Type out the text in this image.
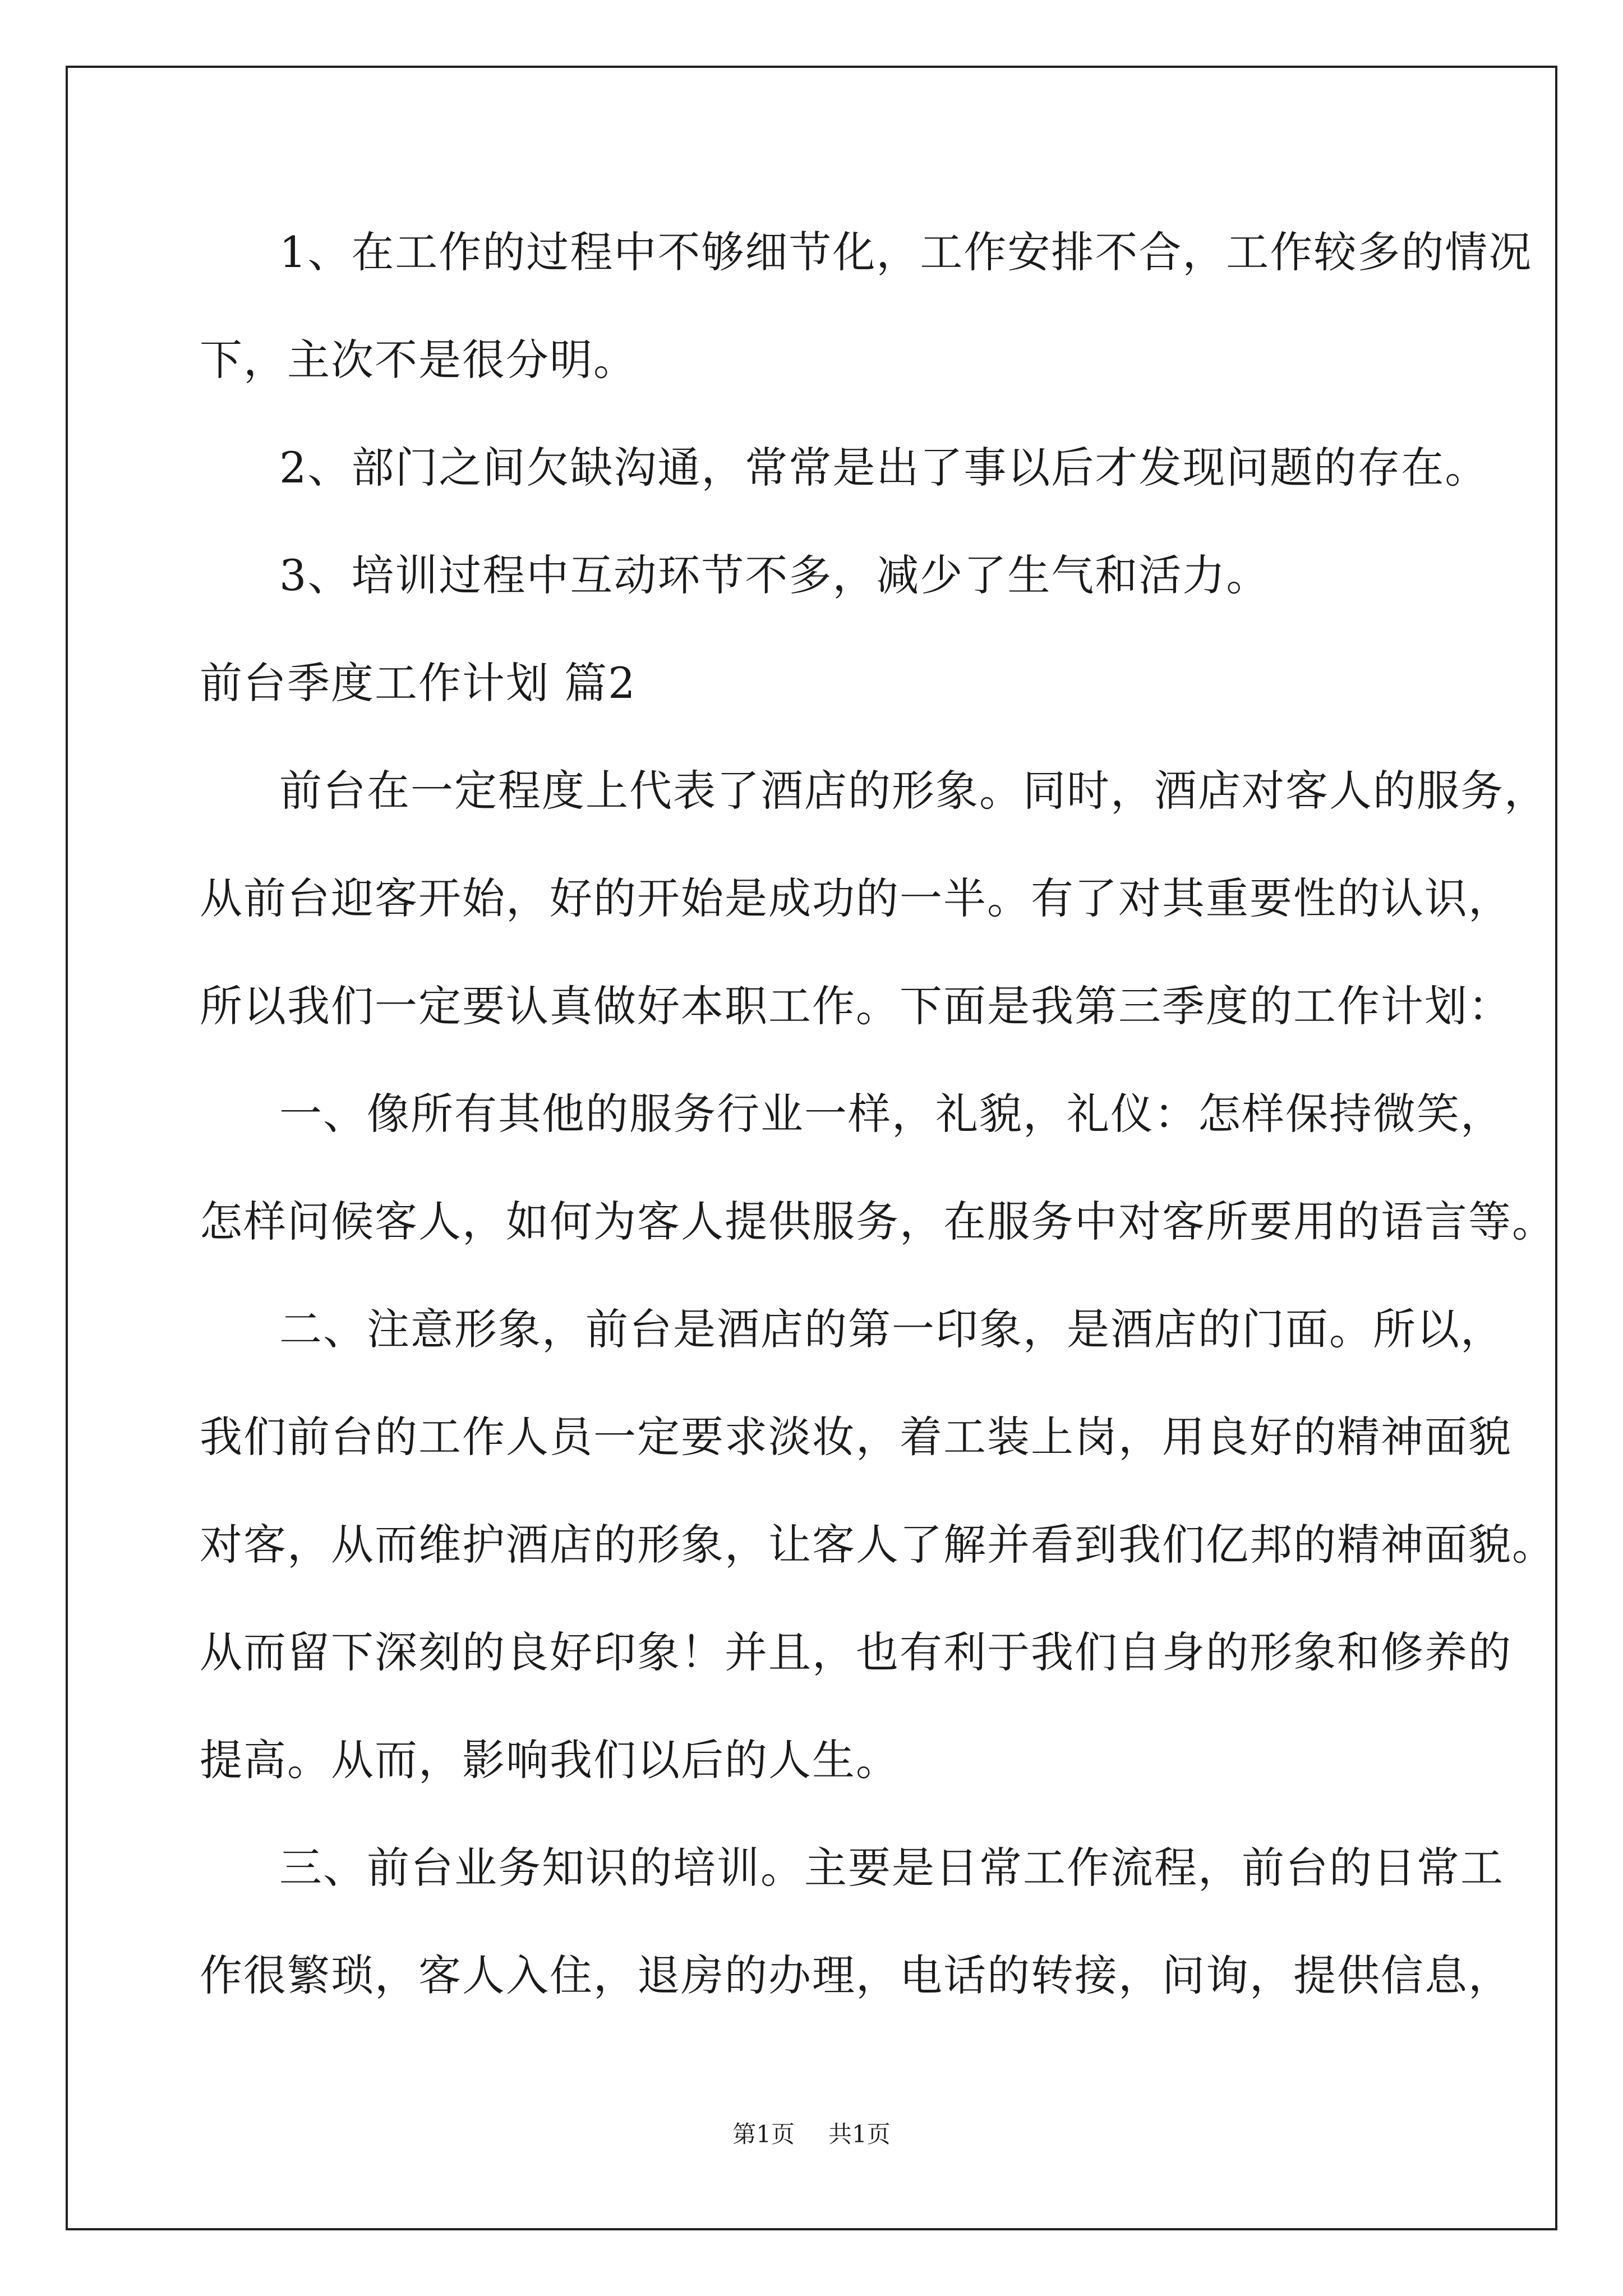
1、在工作的过程中不够细节化，工作安排不合，工作较多的情况
下，主次不是很分明。
2、部门之间欠缺沟通，常常是出了事以后才发现问题的存在。
3、培训过程中互动环节不多，减少了生气和活力。
前台季度工作计划 篇2
前台在一定程度上代表了酒店的形象。同时，酒店对客人的服务，
从前台迎客开始，好的开始是成功的一半。有了对其重要性的认识，
所以我们一定要认真做好本职工作。下面是我第三季度的工作计划：
一、像所有其他的服务行业一样，礼貌，礼仪：怎样保持微笑，
怎样问候客人，如何为客人提供服务，在服务中对客所要用的语言等。
二、注意形象，前台是酒店的第一印象，是酒店的门面。所以，
我们前台的工作人员一定要求淡妆，着工装上岗，用良好的精神面貌
对客，从而维护酒店的形象，让客人了解并看到我们亿邦的精神面貌。
从而留下深刻的良好印象！并且，也有利于我们自身的形象和修养的
提高。从而，影响我们以后的人生。
三、前台业务知识的培训。主要是日常工作流程，前台的日常工
作很繁琐，客人入住，退房的办理，电话的转接，问询，提供信息，
第1页 共1页
